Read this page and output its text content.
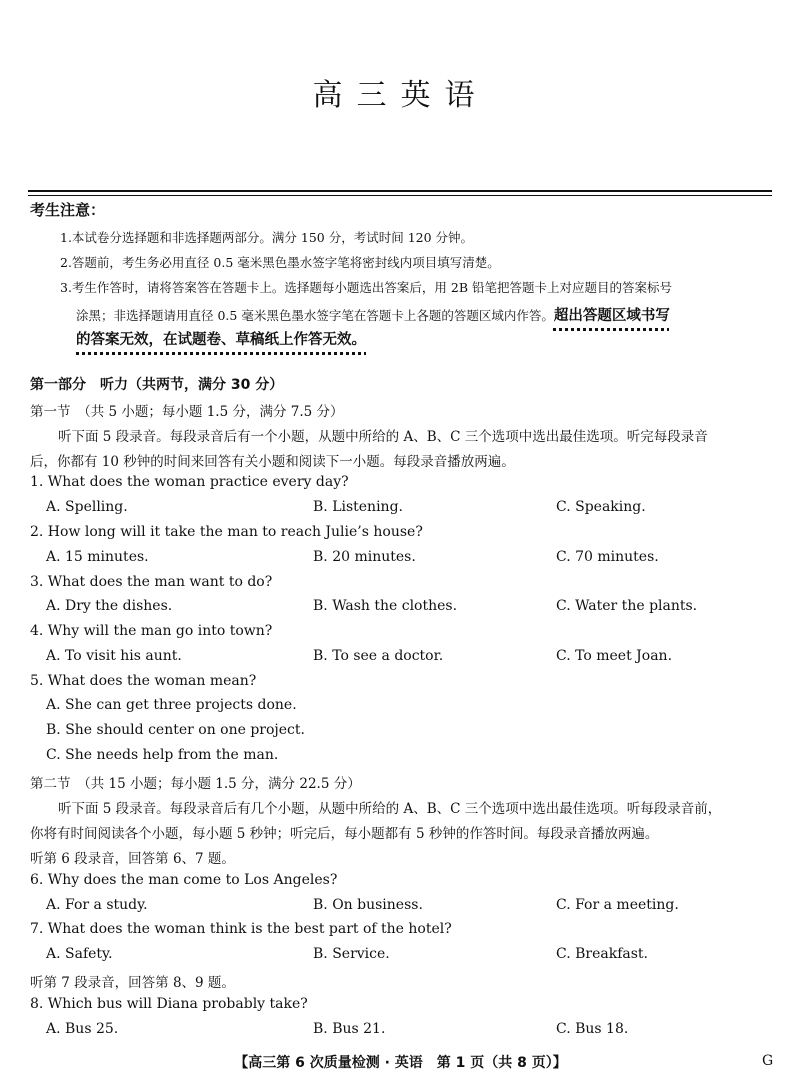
高三英语
考生注意：
1.本试卷分选择题和非选择题两部分。满分 150 分，考试时间 120 分钟。
2.答题前，考生务必用直径 0.5 毫米黑色墨水签字笔将密封线内项目填写清楚。
3.考生作答时，请将答案答在答题卡上。选择题每小题选出答案后，用 2B 铅笔把答题卡上对应题目的答案标号
涂黑；非选择题请用直径 0.5 毫米黑色墨水签字笔在答题卡上各题的答题区域内作答。超出答题区域书写
的答案无效，在试题卷、草稿纸上作答无效。
第一部分　听力（共两节，满分 30 分）
第一节　（共 5 小题；每小题 1.5 分，满分 7.5 分）
听下面 5 段录音。每段录音后有一个小题，从题中所给的 A、B、C 三个选项中选出最佳选项。听完每段录音
后，你都有 10 秒钟的时间来回答有关小题和阅读下一小题。每段录音播放两遍。
1. What does the woman practice every day?
A. Spelling.	B. Listening.	C. Speaking.
2. How long will it take the man to reach Julie’s house?
A. 15 minutes.	B. 20 minutes.	C. 70 minutes.
3. What does the man want to do?
A. Dry the dishes.	B. Wash the clothes.	C. Water the plants.
4. Why will the man go into town?
A. To visit his aunt.	B. To see a doctor.	C. To meet Joan.
5. What does the woman mean?
A. She can get three projects done.
B. She should center on one project.
C. She needs help from the man.
第二节　（共 15 小题；每小题 1.5 分，满分 22.5 分）
听下面 5 段录音。每段录音后有几个小题，从题中所给的 A、B、C 三个选项中选出最佳选项。听每段录音前，
你将有时间阅读各个小题，每小题 5 秒钟；听完后，每小题都有 5 秒钟的作答时间。每段录音播放两遍。
听第 6 段录音，回答第 6、7 题。
6. Why does the man come to Los Angeles?
A. For a study.	B. On business.	C. For a meeting.
7. What does the woman think is the best part of the hotel?
A. Safety.	B. Service.	C. Breakfast.
听第 7 段录音，回答第 8、9 题。
8. Which bus will Diana probably take?
A. Bus 25.	B. Bus 21.	C. Bus 18.
【高三第 6 次质量检测 · 英语　第 1 页（共 8 页）】	G
